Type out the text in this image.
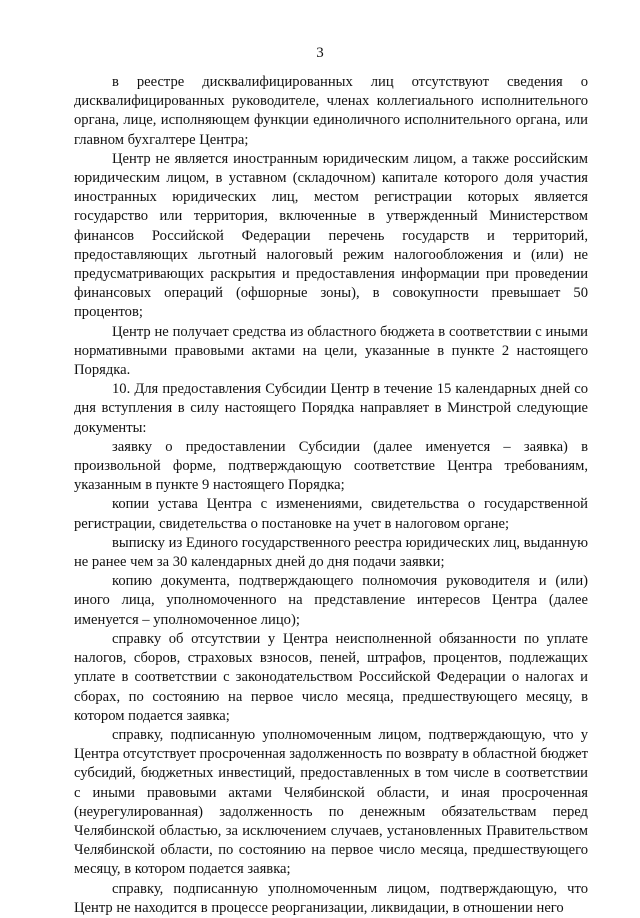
3

в реестре дисквалифицированных лиц отсутствуют сведения о дисквалифицированных руководителе, членах коллегиального исполнительного органа, лице, исполняющем функции единоличного исполнительного органа, или главном бухгалтере Центра;

Центр не является иностранным юридическим лицом, а также российским юридическим лицом, в уставном (складочном) капитале которого доля участия иностранных юридических лиц, местом регистрации которых является государство или территория, включенные в утвержденный Министерством финансов Российской Федерации перечень государств и территорий, предоставляющих льготный налоговый режим налогообложения и (или) не предусматривающих раскрытия и предоставления информации при проведении финансовых операций (офшорные зоны), в совокупности превышает 50 процентов;

Центр не получает средства из областного бюджета в соответствии с иными нормативными правовыми актами на цели, указанные в пункте 2 настоящего Порядка.

10. Для предоставления Субсидии Центр в течение 15 календарных дней со дня вступления в силу настоящего Порядка направляет в Минстрой следующие документы:

заявку о предоставлении Субсидии (далее именуется – заявка) в произвольной форме, подтверждающую соответствие Центра требованиям, указанным в пункте 9 настоящего Порядка;

копии устава Центра с изменениями, свидетельства о государственной регистрации, свидетельства о постановке на учет в налоговом органе;

выписку из Единого государственного реестра юридических лиц, выданную не ранее чем за 30 календарных дней до дня подачи заявки;

копию документа, подтверждающего полномочия руководителя и (или) иного лица, уполномоченного на представление интересов Центра (далее именуется – уполномоченное лицо);

справку об отсутствии у Центра неисполненной обязанности по уплате налогов, сборов, страховых взносов, пеней, штрафов, процентов, подлежащих уплате в соответствии с законодательством Российской Федерации о налогах и сборах, по состоянию на первое число месяца, предшествующего месяцу, в котором подается заявка;

справку, подписанную уполномоченным лицом, подтверждающую, что у Центра отсутствует просроченная задолженность по возврату в областной бюджет субсидий, бюджетных инвестиций, предоставленных в том числе в соответствии с иными правовыми актами Челябинской области, и иная просроченная (неурегулированная) задолженность по денежным обязательствам перед Челябинской областью, за исключением случаев, установленных Правительством Челябинской области, по состоянию на первое число месяца, предшествующего месяцу, в котором подается заявка;

справку, подписанную уполномоченным лицом, подтверждающую, что Центр не находится в процессе реорганизации, ликвидации, в отношении него
